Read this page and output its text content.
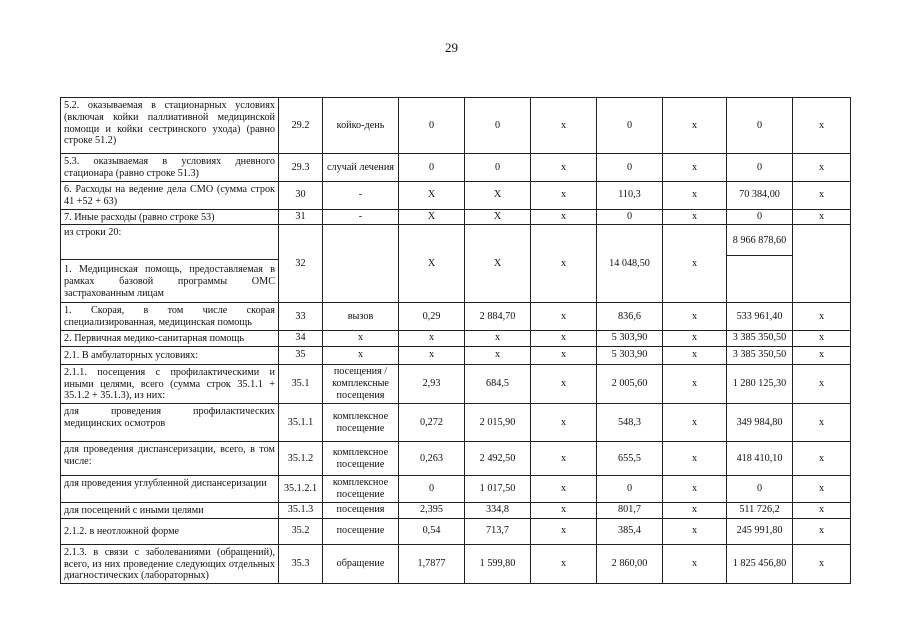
29
5.2. оказываемая в стационарных условиях (включая койки паллиативной медицинской помощи и койки сестринского ухода) (равно строке 51.2)	29.2	койко-день	0	0	х	0	х	0	х
5.3. оказываемая в условиях дневного стационара (равно строке 51.3)	29.3	случай лечения	0	0	х	0	х	0	х
6. Расходы на ведение дела СМО (сумма строк 41 +52 + 63)	30	-	Х	Х	х	110,3	х	70 384,00	х
7. Иные расходы (равно строке 53)	31	-	Х	Х	х	0	х	0	х

из строки 20:
1. Медицинская помощь, предоставляемая в рамках базовой программы ОМС застрахованным лицам	32		Х	Х	х	14 048,50	х	8 966 878,60	

1. Скорая, в том числе скорая специализированная, медицинская помощь	33	вызов	0,29	2 884,70	х	836,6	х	533 961,40	х
2. Первичная медико-санитарная помощь	34	х	х	х	х	5 303,90	х	3 385 350,50	х
2.1. В амбулаторных условиях:	35	х	х	х	х	5 303,90	х	3 385 350,50	х
2.1.1. посещения с профилактическими и иными целями, всего (сумма строк 35.1.1 + 35.1.2 + 35.1.3), из них:	35.1	посещения / комплексные посещения	2,93	684,5	х	2 005,60	х	1 280 125,30	х
для проведения профилактических медицинских осмотров	35.1.1	комплексное посещение	0,272	2 015,90	х	548,3	х	349 984,80	х
для проведения диспансеризации, всего, в том числе:	35.1.2	комплексное посещение	0,263	2 492,50	х	655,5	х	418 410,10	х
для проведения углубленной диспансеризации	35.1.2.1	комплексное посещение	0	1 017,50	х	0	х	0	х
для посещений с иными целями	35.1.3	посещения	2,395	334,8	х	801,7	х	511 726,2	х
2.1.2. в неотложной форме	35.2	посещение	0,54	713,7	х	385,4	х	245 991,80	х
2.1.3. в связи с заболеваниями (обращений), всего, из них проведение следующих отдельных диагностических (лабораторных)	35.3	обращение	1,7877	1 599,80	х	2 860,00	х	1 825 456,80	х
